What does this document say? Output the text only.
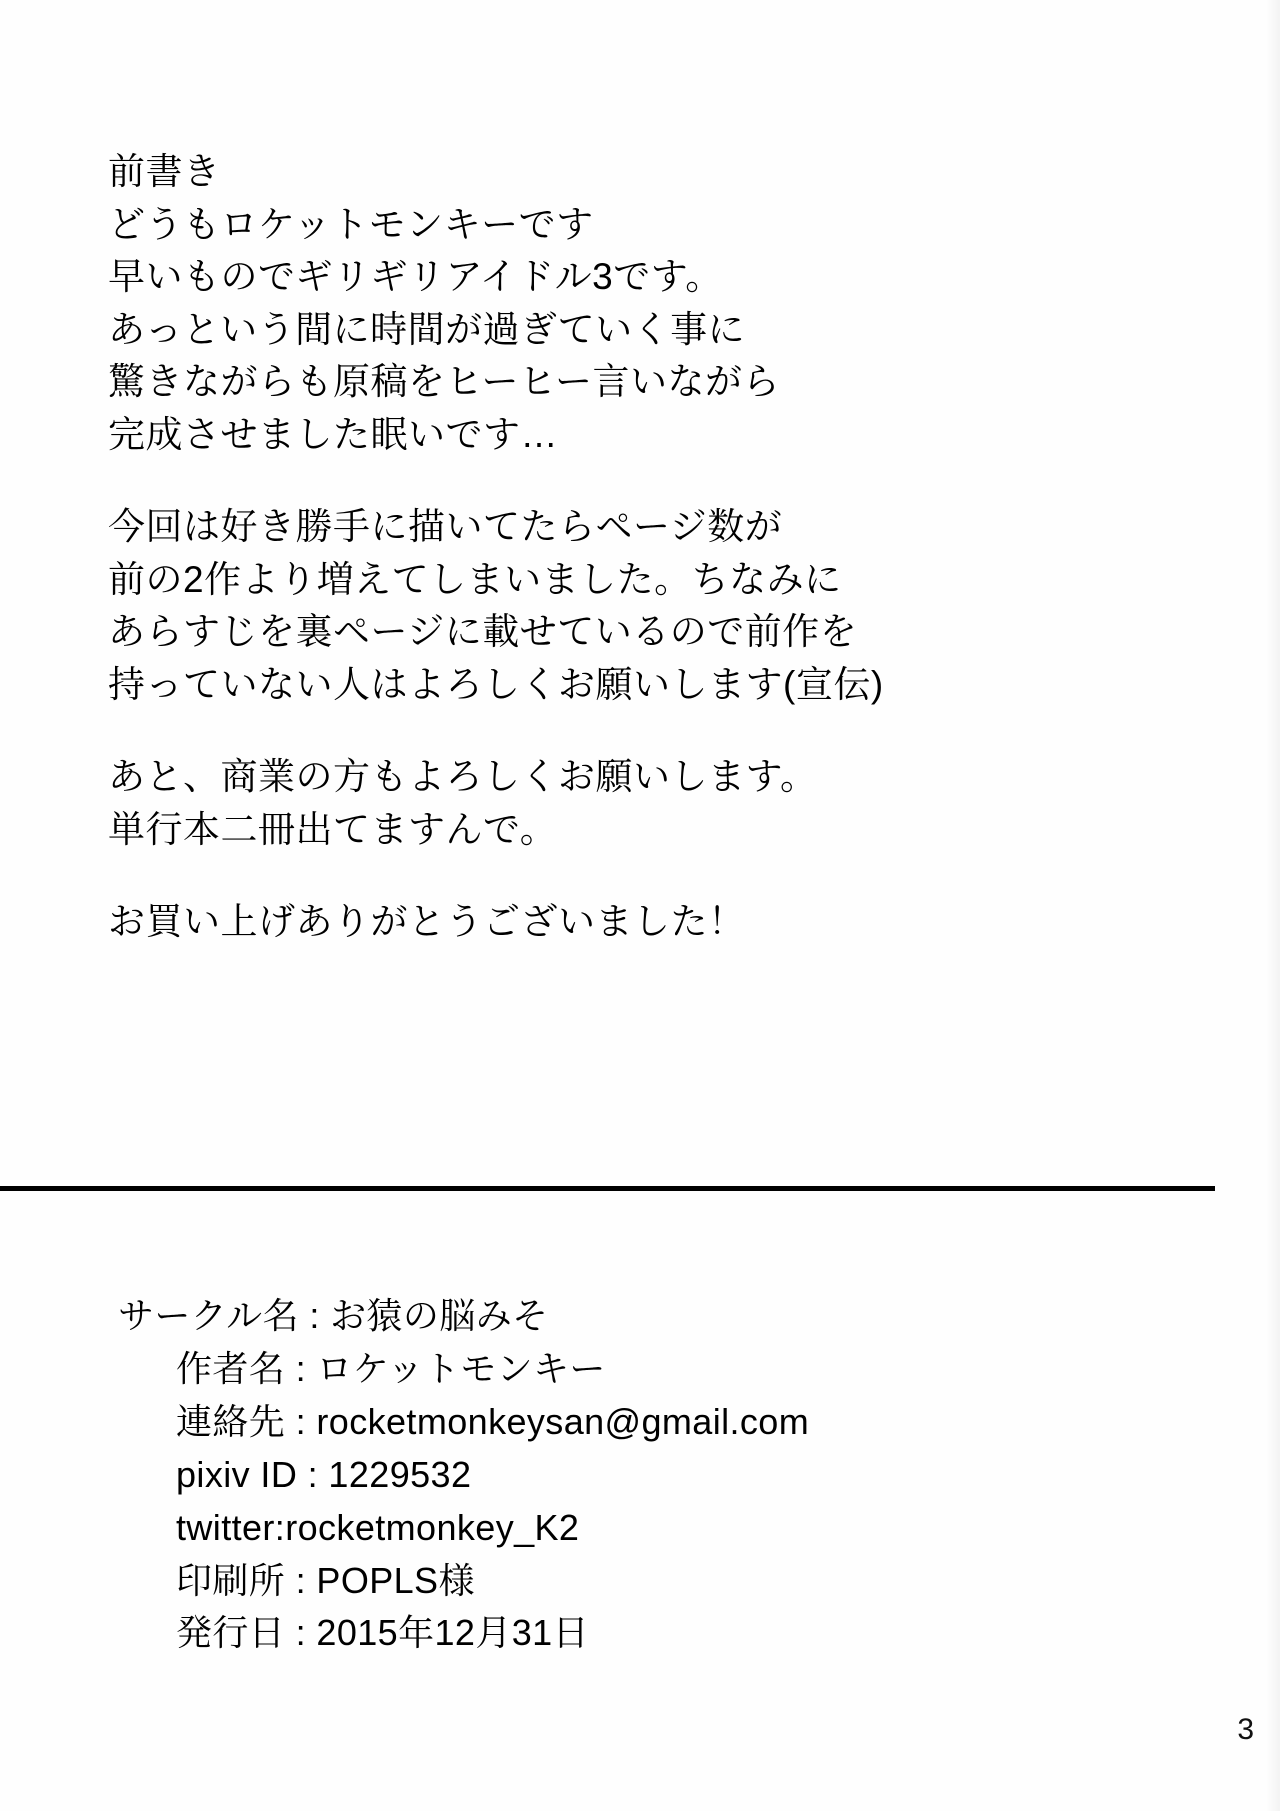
前書き
どうもロケットモンキーです
早いものでギリギリアイドル3です。
あっという間に時間が過ぎていく事に
驚きながらも原稿をヒーヒー言いながら
完成させました眠いです…
今回は好き勝手に描いてたらページ数が
前の2作より増えてしまいました。ちなみに
あらすじを裏ページに載せているので前作を
持っていない人はよろしくお願いします(宣伝)
あと、商業の方もよろしくお願いします。
単行本二冊出てますんで。
お買い上げありがとうございました！
サークル名 : お猿の脳みそ
作者名 : ロケットモンキー
連絡先 : rocketmonkeysan@gmail.com
pixiv ID : 1229532
twitter:rocketmonkey_K2
印刷所 : POPLS様
発行日 : 2015年12月31日
3
